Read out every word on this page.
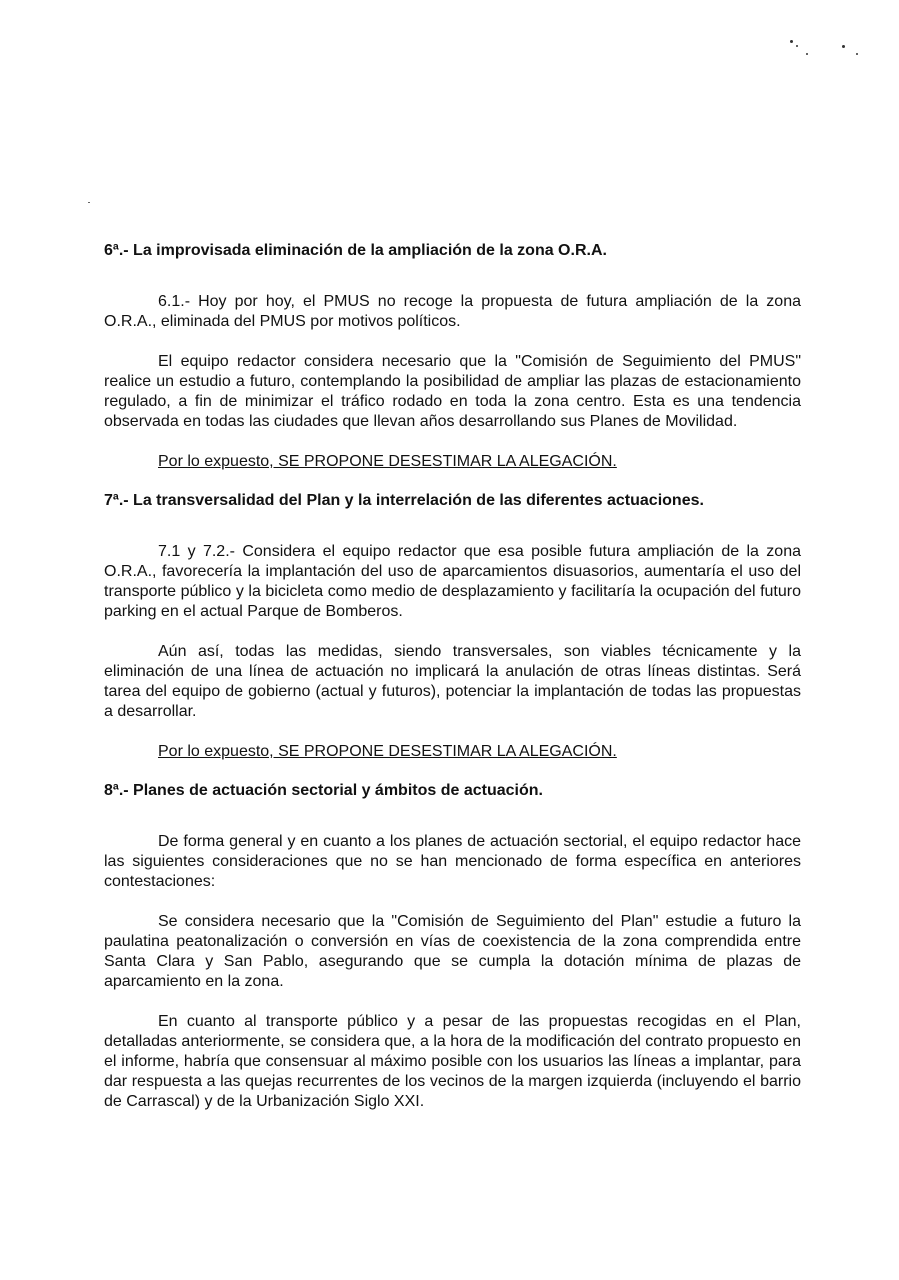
6ª.- La improvisada eliminación de la ampliación de la zona O.R.A.

6.1.- Hoy por hoy, el PMUS no recoge la propuesta de futura ampliación de la zona O.R.A., eliminada del PMUS por motivos políticos.

El equipo redactor considera necesario que la "Comisión de Seguimiento del PMUS" realice un estudio a futuro, contemplando la posibilidad de ampliar las plazas de estacionamiento regulado, a fin de minimizar el tráfico rodado en toda la zona centro. Esta es una tendencia observada en todas las ciudades que llevan años desarrollando sus Planes de Movilidad.

Por lo expuesto, SE PROPONE DESESTIMAR LA ALEGACIÓN.

7ª.- La transversalidad del Plan y la interrelación de las diferentes actuaciones.

7.1 y 7.2.- Considera el equipo redactor que esa posible futura ampliación de la zona O.R.A., favorecería la implantación del uso de aparcamientos disuasorios, aumentaría el uso del transporte público y la bicicleta como medio de desplazamiento y facilitaría la ocupación del futuro parking en el actual Parque de Bomberos.

Aún así, todas las medidas, siendo transversales, son viables técnicamente y la eliminación de una línea de actuación no implicará la anulación de otras líneas distintas. Será tarea del equipo de gobierno (actual y futuros), potenciar la implantación de todas las propuestas a desarrollar.

Por lo expuesto, SE PROPONE DESESTIMAR LA ALEGACIÓN.

8ª.- Planes de actuación sectorial y ámbitos de actuación.

De forma general y en cuanto a los planes de actuación sectorial, el equipo redactor hace las siguientes consideraciones que no se han mencionado de forma específica en anteriores contestaciones:

Se considera necesario que la "Comisión de Seguimiento del Plan" estudie a futuro la paulatina peatonalización o conversión en vías de coexistencia de la zona comprendida entre Santa Clara y San Pablo, asegurando que se cumpla la dotación mínima de plazas de aparcamiento en la zona.

En cuanto al transporte público y a pesar de las propuestas recogidas en el Plan, detalladas anteriormente, se considera que, a la hora de la modificación del contrato propuesto en el informe, habría que consensuar al máximo posible con los usuarios las líneas a implantar, para dar respuesta a las quejas recurrentes de los vecinos de la margen izquierda (incluyendo el barrio de Carrascal) y de la Urbanización Siglo XXI.
